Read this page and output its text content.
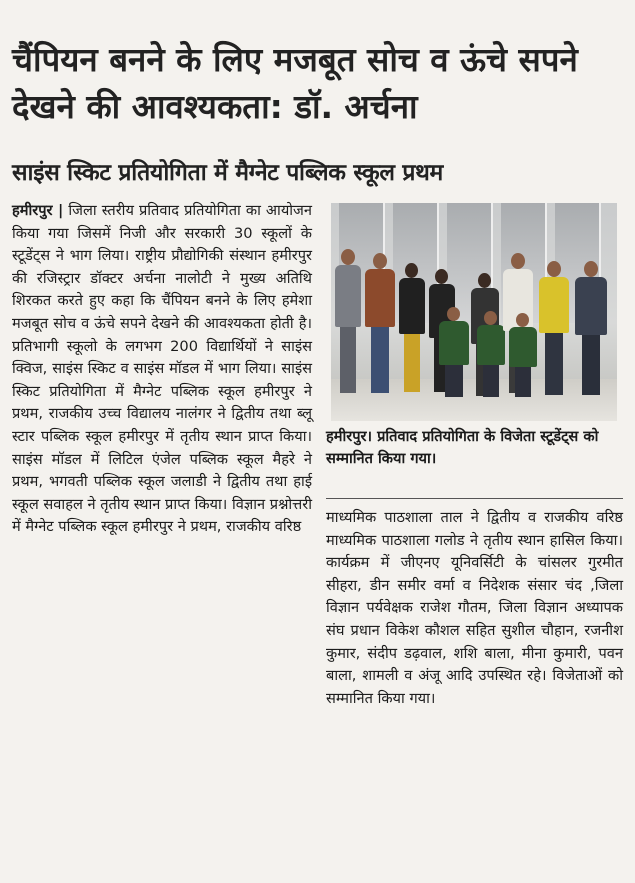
चैंपियन बनने के लिए मजबूत सोच व ऊंचे सपने देखने की आवश्यकता: डॉ. अर्चना
साइंस स्किट प्रतियोगिता में मैग्नेट पब्लिक स्कूल प्रथम
हमीरपुर | जिला स्तरीय प्रतिवाद प्रतियोगिता का आयोजन किया गया जिसमें निजी और सरकारी 30 स्कूलों के स्टूडेंट्स ने भाग लिया। राष्ट्रीय प्रौद्योगिकी संस्थान हमीरपुर की रजिस्ट्रार डॉक्टर अर्चना नालोटी ने मुख्य अतिथि शिरकत करते हुए कहा कि चैंपियन बनने के लिए हमेशा मजबूत सोच व ऊंचे सपने देखने की आवश्यकता होती है। प्रतिभागी स्कूलो के लगभग 200 विद्यार्थियों ने साइंस क्विज, साइंस स्किट व साइंस मॉडल में भाग लिया। साइंस स्किट प्रतियोगिता में मैग्नेट पब्लिक स्कूल हमीरपुर ने प्रथम, राजकीय उच्च विद्यालय नालंगर ने द्वितीय तथा ब्लू स्टार पब्लिक स्कूल हमीरपुर में तृतीय स्थान प्राप्त किया। साइंस मॉडल में लिटिल एंजेल पब्लिक स्कूल मैहरे ने प्रथम, भगवती पब्लिक स्कूल जलाडी ने द्वितीय तथा हाई स्कूल सवाहल ने तृतीय स्थान प्राप्त किया। विज्ञान प्रश्नोत्तरी में मैग्नेट पब्लिक स्कूल हमीरपुर ने प्रथम, राजकीय वरिष्ठ
हमीरपुर। प्रतिवाद प्रतियोगिता के विजेता स्टूडेंट्स को सम्मानित किया गया।
माध्यमिक पाठशाला ताल ने द्वितीय व राजकीय वरिष्ठ माध्यमिक पाठशाला गलोड ने तृतीय स्थान हासिल किया। कार्यक्रम में जीएनए यूनिवर्सिटी के चांसलर गुरमीत सीहरा, डीन समीर वर्मा व निदेशक संसार चंद ,जिला विज्ञान पर्यवेक्षक राजेश गौतम, जिला विज्ञान अध्यापक संघ प्रधान विकेश कौशल सहित सुशील चौहान, रजनीश कुमार, संदीप डढ़वाल, शशि बाला, मीना कुमारी, पवन बाला, शामली व अंजू आदि उपस्थित रहे। विजेताओं को सम्मानित किया गया।
